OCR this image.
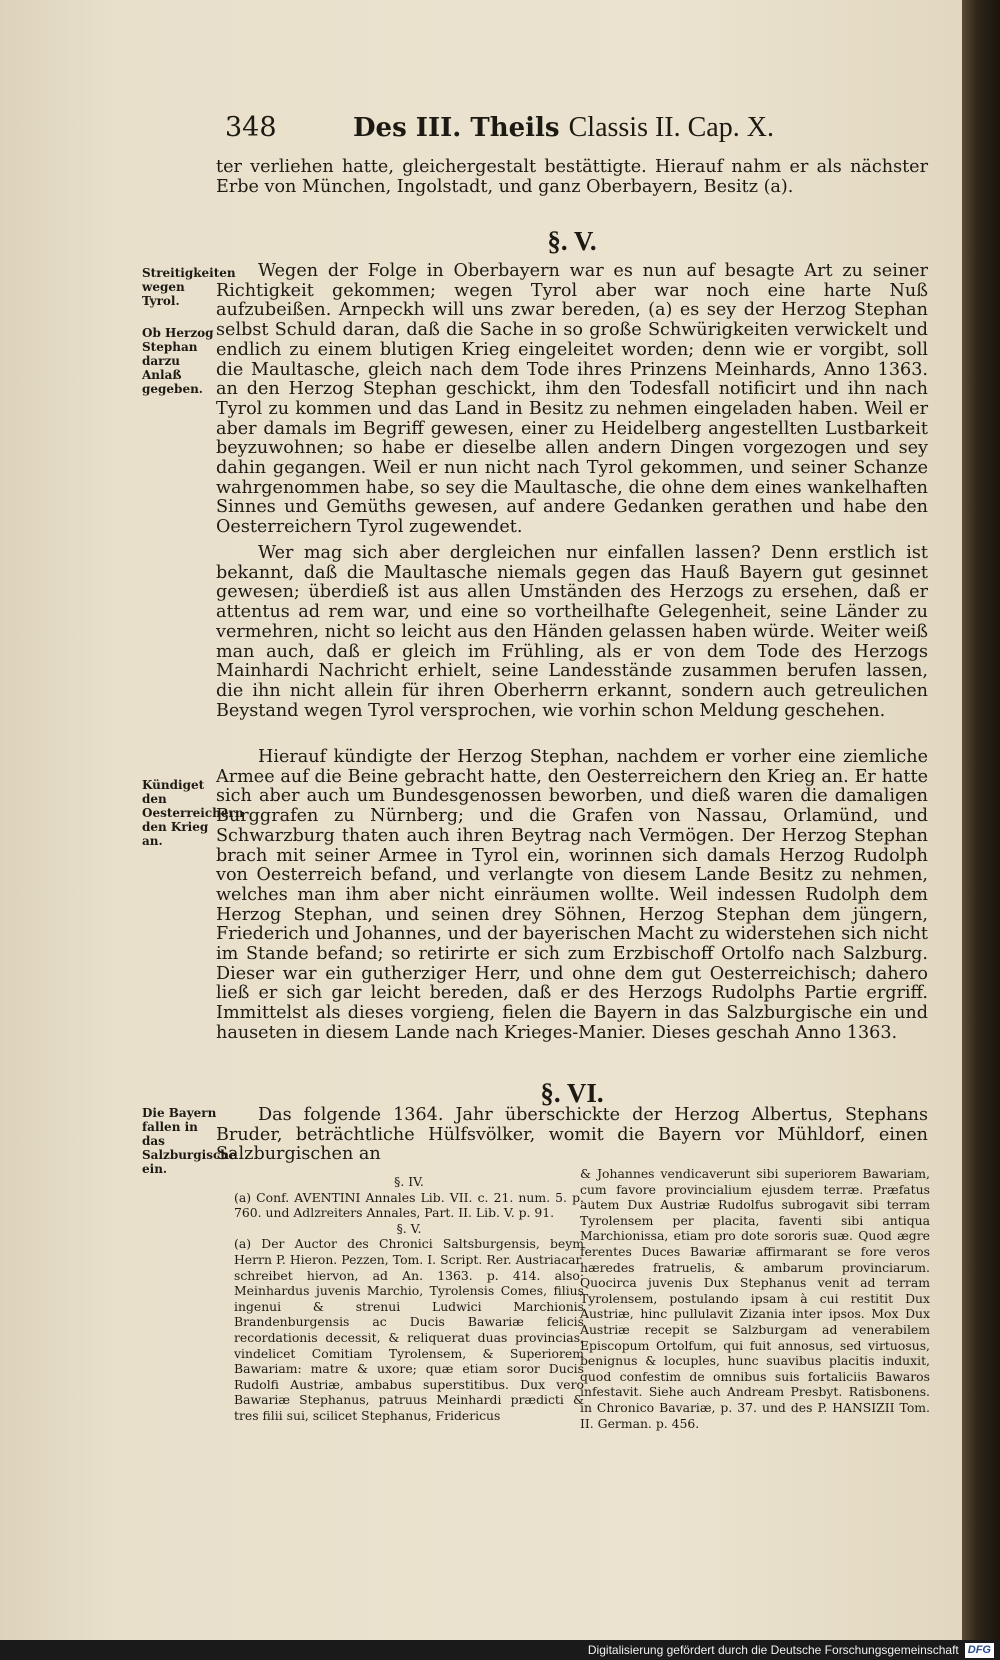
348	Des III. Theils Classis II. Cap. X.

ter verliehen hatte, gleichergestalt bestättigte. Hierauf nahm er als nächster Erbe von München, Ingolstadt, und ganz Oberbayern, Besitz (a).

§. V.

Wegen der Folge in Oberbayern war es nun auf besagte Art zu seiner Richtigkeit gekommen; wegen Tyrol aber war noch eine harte Nuß aufzubeißen. Arnpeckh will uns zwar bereden, (a) es sey der Herzog Stephan selbst Schuld daran, daß die Sache in so große Schwürigkeiten verwickelt und endlich zu einem blutigen Krieg eingeleitet worden; denn wie er vorgibt, soll die Maultasche, gleich nach dem Tode ihres Prinzens Meinhards, Anno 1363. an den Herzog Stephan geschickt, ihm den Todesfall notificirt und ihn nach Tyrol zu kommen und das Land in Besitz zu nehmen eingeladen haben. Weil er aber damals im Begriff gewesen, einer zu Heidelberg angestellten Lustbarkeit beyzuwohnen; so habe er dieselbe allen andern Dingen vorgezogen und sey dahin gegangen. Weil er nun nicht nach Tyrol gekommen, und seiner Schanze wahrgenommen habe, so sey die Maultasche, die ohne dem eines wankelhaften Sinnes und Gemüths gewesen, auf andere Gedanken gerathen und habe den Oesterreichern Tyrol zugewendet.

Wer mag sich aber dergleichen nur einfallen lassen? Denn erstlich ist bekannt, daß die Maultasche niemals gegen das Hauß Bayern gut gesinnet gewesen; überdieß ist aus allen Umständen des Herzogs zu ersehen, daß er attentus ad rem war, und eine so vortheilhafte Gelegenheit, seine Länder zu vermehren, nicht so leicht aus den Händen gelassen haben würde. Weiter weiß man auch, daß er gleich im Frühling, als er von dem Tode des Herzogs Mainhardi Nachricht erhielt, seine Landesstände zusammen berufen lassen, die ihn nicht allein für ihren Oberherrn erkannt, sondern auch getreulichen Beystand wegen Tyrol versprochen, wie vorhin schon Meldung geschehen.

Hierauf kündigte der Herzog Stephan, nachdem er vorher eine ziemliche Armee auf die Beine gebracht hatte, den Oesterreichern den Krieg an. Er hatte sich aber auch um Bundesgenossen beworben, und dieß waren die damaligen Burggrafen zu Nürnberg; und die Grafen von Nassau, Orlamünd, und Schwarzburg thaten auch ihren Beytrag nach Vermögen. Der Herzog Stephan brach mit seiner Armee in Tyrol ein, worinnen sich damals Herzog Rudolph von Oesterreich befand, und verlangte von diesem Lande Besitz zu nehmen, welches man ihm aber nicht einräumen wollte. Weil indessen Rudolph dem Herzog Stephan, und seinen drey Söhnen, Herzog Stephan dem jüngern, Friederich und Johannes, und der bayerischen Macht zu widerstehen sich nicht im Stande befand; so retirirte er sich zum Erzbischoff Ortolfo nach Salzburg. Dieser war ein gutherziger Herr, und ohne dem gut Oesterreichisch; dahero ließ er sich gar leicht bereden, daß er des Herzogs Rudolphs Partie ergriff. Immittelst als dieses vorgieng, fielen die Bayern in das Salzburgische ein und hauseten in diesem Lande nach Krieges-Manier. Dieses geschah Anno 1363.

§. VI.

Das folgende 1364. Jahr überschickte der Herzog Albertus, Stephans Bruder, beträchtliche Hülfsvölker, womit die Bayern vor Mühldorf, einen Salzburgischen an

Streitigkeiten wegen Tyrol.
Ob Herzog Stephan darzu Anlaß gegeben.
Kündiget den Oesterreichern den Krieg an.
Die Bayern fallen in das Salzburgische ein.

§. IV.

(a) Conf. AVENTINI Annales Lib. VII. c. 21. num. 5. p. 760. und Adlzreiters Annales, Part. II. Lib. V. p. 91.

§. V.

(a) Der Auctor des Chronici Saltsburgensis, beym Herrn P. Hieron. Pezzen, Tom. I. Script. Rer. Austriacar. schreibet hiervon, ad An. 1363. p. 414. also: Meinhardus juvenis Marchio, Tyrolensis Comes, filius ingenui & strenui Ludwici Marchionis Brandenburgensis ac Ducis Bawariæ felicis recordationis decessit, & reliquerat duas provincias, vindelicet Comitiam Tyrolensem, & Superiorem Bawariam: matre & uxore; quæ etiam soror Ducis Rudolfi Austriæ, ambabus superstitibus. Dux vero Bawariæ Stephanus, patruus Meinhardi prædicti & tres filii sui, scilicet Stephanus, Fridericus

& Johannes vendicaverunt sibi superiorem Bawariam, cum favore provincialium ejusdem terræ. Præfatus autem Dux Austriæ Rudolfus subrogavit sibi terram Tyrolensem per placita, faventi sibi antiqua Marchionissa, etiam pro dote sororis suæ. Quod ægre ferentes Duces Bawariæ affirmarant se fore veros hæredes fratruelis, & ambarum provinciarum. Quocirca juvenis Dux Stephanus venit ad terram Tyrolensem, postulando ipsam à cui restitit Dux Austriæ, hinc pullulavit Zizania inter ipsos. Mox Dux Austriæ recepit se Salzburgam ad venerabilem Episcopum Ortolfum, qui fuit annosus, sed virtuosus, benignus & locuples, hunc suavibus placitis induxit, quod confestim de omnibus suis fortaliciis Bawaros infestavit. Siehe auch Andream Presbyt. Ratisbonens. in Chronico Bavariæ, p. 37. und des P. HANSIZII Tom. II. German. p. 456.

Digitalisierung gefördert durch die Deutsche Forschungsgemeinschaft DFG
